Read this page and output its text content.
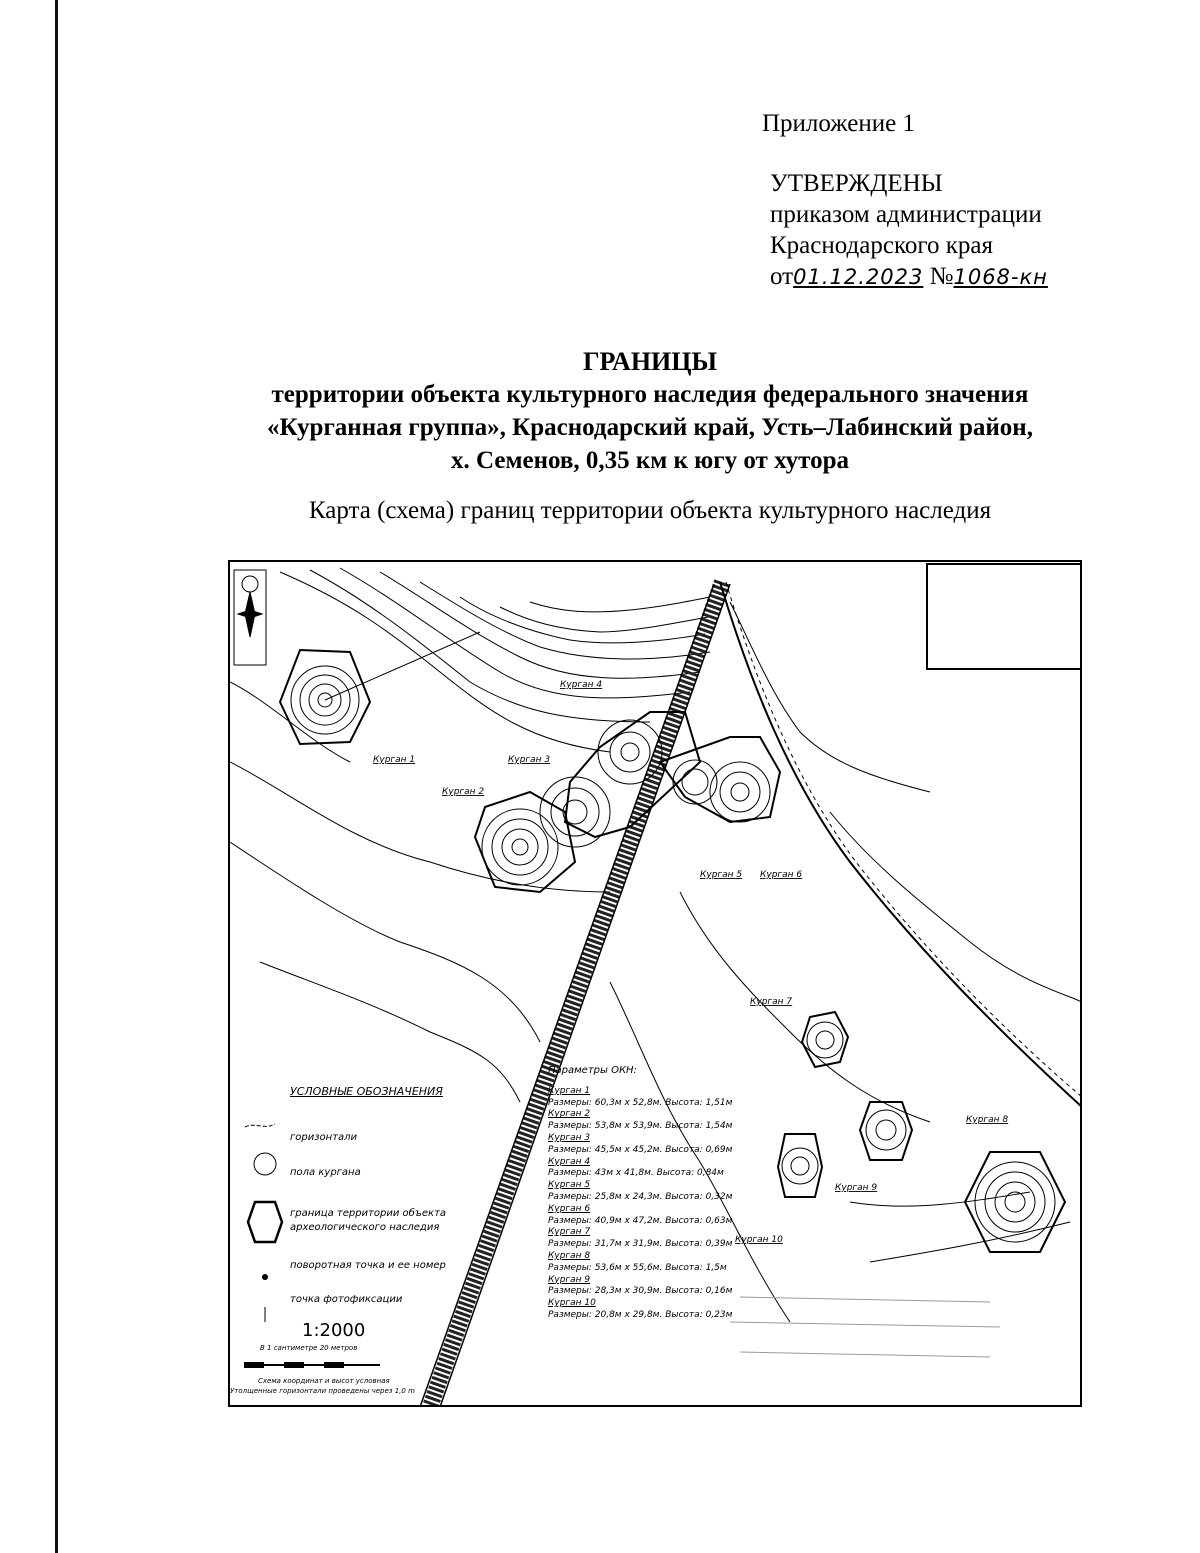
Приложение 1
УТВЕРЖДЕНЫ
приказом администрации
Краснодарского края
от01.12.2023 №1068-кн
ГРАНИЦЫ
территории объекта культурного наследия федерального значения
«Курганная группа», Краснодарский край, Усть–Лабинский район,
х. Семенов, 0,35 км к югу от хутора
Карта (схема) границ территории объекта культурного наследия
Курган 1
Курган 2
Курган 3
Курган 4
Курган 5 Курган 6
Курган 7
Курган 8
Курган 9
Курган 10
УСЛОВНЫЕ ОБОЗНАЧЕНИЯ
горизонтали
пола кургана
граница территории объекта
археологического наследия
поворотная точка и ее номер
точка фотофиксации
1:2000
В 1 сантиметре 20 метров
Схема координат и высот условная
Утолщенные горизонтали проведены через 1,0 m
Параметры ОКН:
Курган 1
Размеры: 60,3м x 52,8м. Высота: 1,51м
Курган 2
Размеры: 53,8м x 53,9м. Высота: 1,54м
Курган 3
Размеры: 45,5м x 45,2м. Высота: 0,69м
Курган 4
Размеры: 43м x 41,8м. Высота: 0,84м
Курган 5
Размеры: 25,8м x 24,3м. Высота: 0,32м
Курган 6
Размеры: 40,9м x 47,2м. Высота: 0,63м
Курган 7
Размеры: 31,7м x 31,9м. Высота: 0,39м
Курган 8
Размеры: 53,6м x 55,6м. Высота: 1,5м
Курган 9
Размеры: 28,3м x 30,9м. Высота: 0,16м
Курган 10
Размеры: 20,8м x 29,8м. Высота: 0,23м
